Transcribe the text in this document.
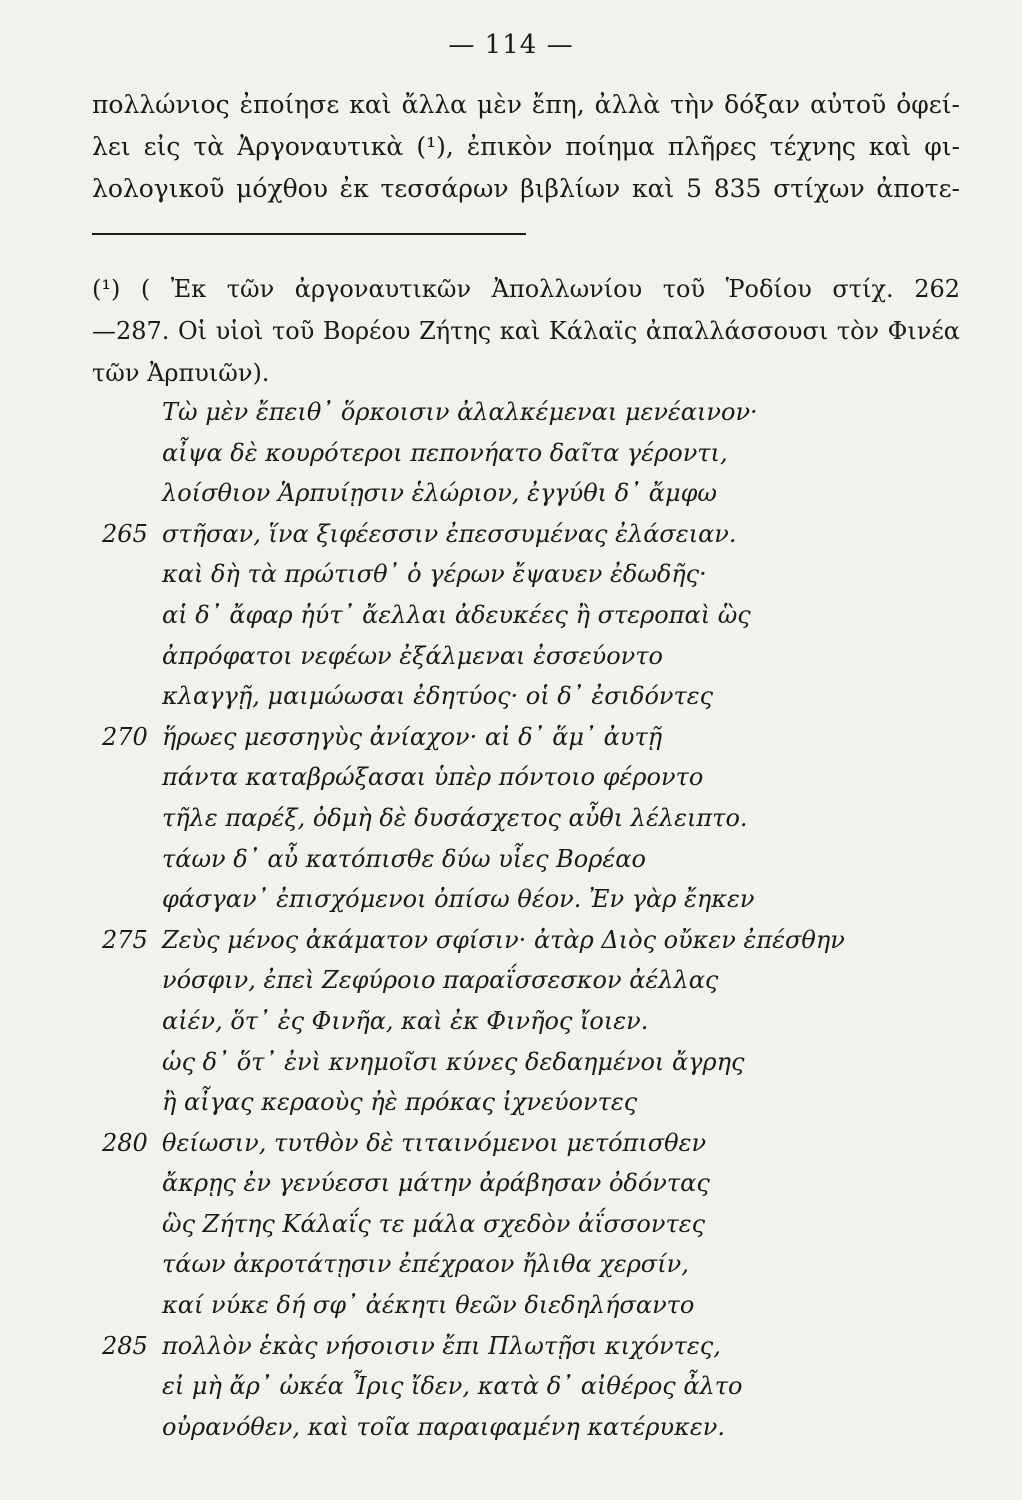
— 114 —
πολλώνιος ἐποίησε καὶ ἄλλα μὲν ἔπη, ἀλλὰ τὴν δόξαν αὐτοῦ ὀφεί-
λει εἰς τὰ Ἀργοναυτικὰ (¹), ἐπικὸν ποίημα πλῆρες τέχνης καὶ φι-
λολογικοῦ μόχθου ἐκ τεσσάρων βιβλίων καὶ 5 835 στίχων ἀποτε-
(¹) ( Ἐκ τῶν ἀργοναυτικῶν Ἀπολλωνίου τοῦ Ῥοδίου στίχ. 262
—287. Οἱ υἱοὶ τοῦ Βορέου Ζήτης καὶ Κάλαϊς ἀπαλλάσσουσι τὸν Φινέα
τῶν Ἀρπυιῶν).
Τὼ μὲν ἔπειθ᾽ ὅρκοισιν ἀλαλκέμεναι μενέαινον·
αἶψα δὲ κουρότεροι πεπονήατο δαῖτα γέροντι,
λοίσθιον Ἁρπυίῃσιν ἑλώριον, ἐγγύθι δ᾽ ἄμφω
265 στῆσαν, ἵνα ξιφέεσσιν ἐπεσσυμένας ἐλάσειαν.
καὶ δὴ τὰ πρώτισθ᾽ ὁ γέρων ἔψαυεν ἐδωδῆς·
αἱ δ᾽ ἄφαρ ἠύτ᾽ ἄελλαι ἀδευκέες ἢ στεροπαὶ ὣς
ἀπρόφατοι νεφέων ἐξάλμεναι ἐσσεύοντο
κλαγγῇ, μαιμώωσαι ἐδητύος· οἱ δ᾽ ἐσιδόντες
270 ἥρωες μεσσηγὺς ἀνίαχον· αἱ δ᾽ ἅμ᾽ ἀυτῇ
πάντα καταβρώξασαι ὑπὲρ πόντοιο φέροντο
τῆλε παρέξ, ὀδμὴ δὲ δυσάσχετος αὖθι λέλειπτο.
τάων δ᾽ αὖ κατόπισθε δύω υἷες Βορέαο
φάσγαν᾽ ἐπισχόμενοι ὀπίσω θέον. Ἐν γὰρ ἔηκεν
275 Ζεὺς μένος ἀκάματον σφίσιν· ἀτὰρ Διὸς οὔκεν ἐπέσθην
νόσφιν, ἐπεὶ Ζεφύροιο παραΐσσεσκον ἀέλλας
αἰέν, ὅτ᾽ ἐς Φινῆα, καὶ ἐκ Φινῆος ἴοιεν.
ὡς δ᾽ ὅτ᾽ ἐνὶ κνημοῖσι κύνες δεδαημένοι ἄγρης
ἢ αἶγας κεραοὺς ἠὲ πρόκας ἰχνεύοντες
280 θείωσιν, τυτθὸν δὲ τιταινόμενοι μετόπισθεν
ἄκρῃς ἐν γενύεσσι μάτην ἀράβησαν ὀδόντας
ὣς Ζήτης Κάλαΐς τε μάλα σχεδὸν ἀΐσσοντες
τάων ἀκροτάτῃσιν ἐπέχραον ἤλιθα χερσίν,
καί νύκε δή σφ᾽ ἀέκητι θεῶν διεδηλήσαντο
285 πολλὸν ἑκὰς νήσοισιν ἔπι Πλωτῇσι κιχόντες,
εἰ μὴ ἄρ᾽ ὠκέα Ἶρις ἴδεν, κατὰ δ᾽ αἰθέρος ἆλτο
οὐρανόθεν, καὶ τοῖα παραιφαμένη κατέρυκεν.
